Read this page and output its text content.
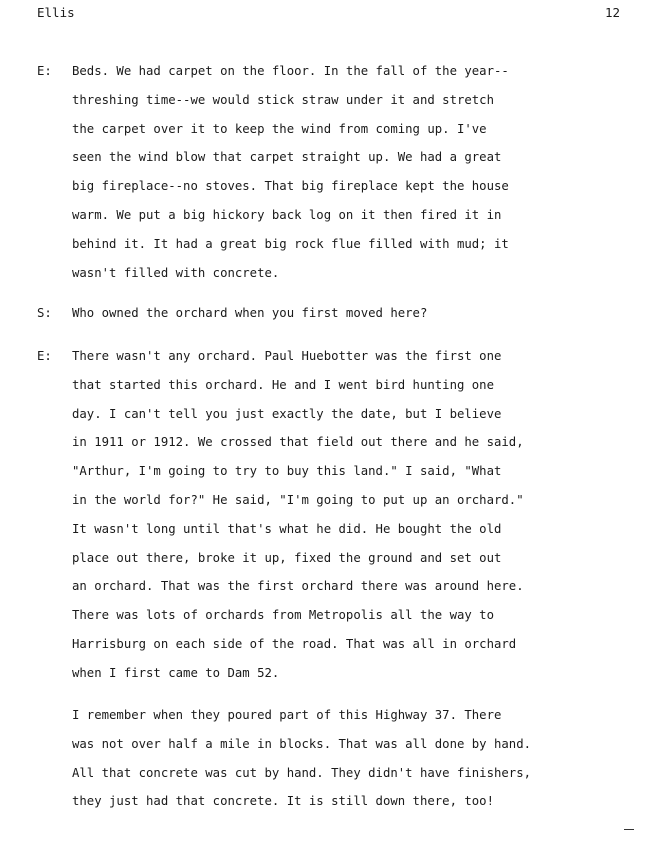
Ellis	12
E:	Beds. We had carpet on the floor. In the fall of the year--
threshing time--we would stick straw under it and stretch
the carpet over it to keep the wind from coming up. I've
seen the wind blow that carpet straight up. We had a great
big fireplace--no stoves. That big fireplace kept the house
warm. We put a big hickory back log on it then fired it in
behind it. It had a great big rock flue filled with mud; it
wasn't filled with concrete.
S:	Who owned the orchard when you first moved here?
E:	There wasn't any orchard. Paul Huebotter was the first one
that started this orchard. He and I went bird hunting one
day. I can't tell you just exactly the date, but I believe
in 1911 or 1912. We crossed that field out there and he said,
"Arthur, I'm going to try to buy this land." I said, "What
in the world for?" He said, "I'm going to put up an orchard."
It wasn't long until that's what he did. He bought the old
place out there, broke it up, fixed the ground and set out
an orchard. That was the first orchard there was around here.
There was lots of orchards from Metropolis all the way to
Harrisburg on each side of the road. That was all in orchard
when I first came to Dam 52.
I remember when they poured part of this Highway 37. There
was not over half a mile in blocks. That was all done by hand.
All that concrete was cut by hand. They didn't have finishers,
they just had that concrete. It is still down there, too!
